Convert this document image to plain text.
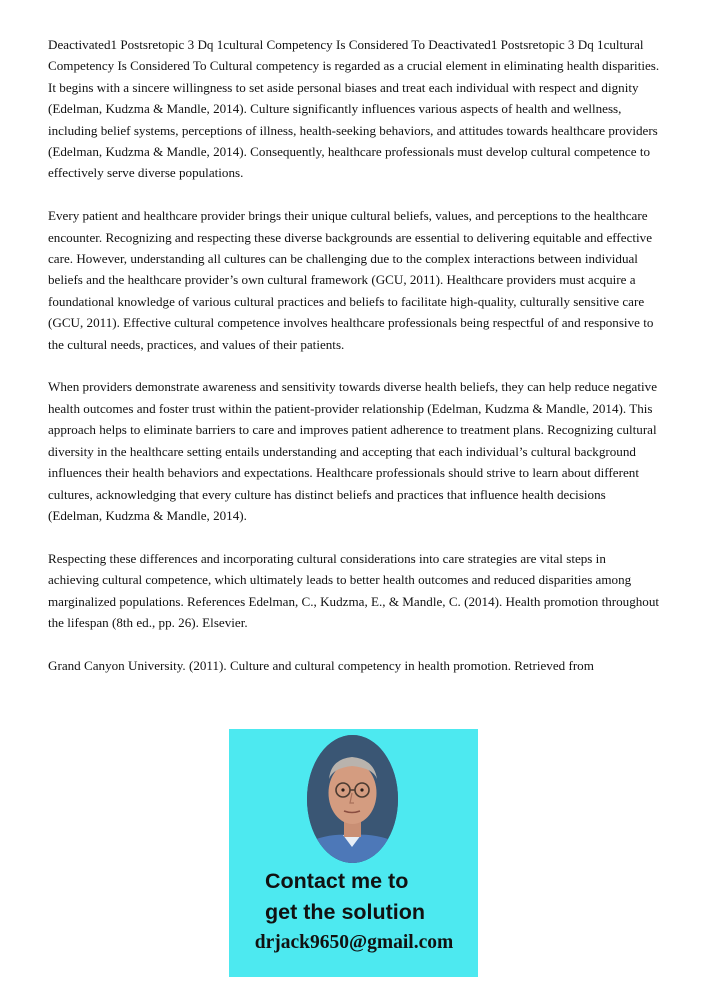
Deactivated1 Postsretopic 3 Dq 1cultural Competency Is Considered To Deactivated1 Postsretopic 3 Dq 1cultural Competency Is Considered To Cultural competency is regarded as a crucial element in eliminating health disparities. It begins with a sincere willingness to set aside personal biases and treat each individual with respect and dignity (Edelman, Kudzma & Mandle, 2014). Culture significantly influences various aspects of health and wellness, including belief systems, perceptions of illness, health-seeking behaviors, and attitudes towards healthcare providers (Edelman, Kudzma & Mandle, 2014). Consequently, healthcare professionals must develop cultural competence to effectively serve diverse populations.

Every patient and healthcare provider brings their unique cultural beliefs, values, and perceptions to the healthcare encounter. Recognizing and respecting these diverse backgrounds are essential to delivering equitable and effective care. However, understanding all cultures can be challenging due to the complex interactions between individual beliefs and the healthcare provider’s own cultural framework (GCU, 2011). Healthcare providers must acquire a foundational knowledge of various cultural practices and beliefs to facilitate high-quality, culturally sensitive care (GCU, 2011). Effective cultural competence involves healthcare professionals being respectful of and responsive to the cultural needs, practices, and values of their patients.

When providers demonstrate awareness and sensitivity towards diverse health beliefs, they can help reduce negative health outcomes and foster trust within the patient-provider relationship (Edelman, Kudzma & Mandle, 2014). This approach helps to eliminate barriers to care and improves patient adherence to treatment plans. Recognizing cultural diversity in the healthcare setting entails understanding and accepting that each individual’s cultural background influences their health behaviors and expectations. Healthcare professionals should strive to learn about different cultures, acknowledging that every culture has distinct beliefs and practices that influence health decisions (Edelman, Kudzma & Mandle, 2014).

Respecting these differences and incorporating cultural considerations into care strategies are vital steps in achieving cultural competence, which ultimately leads to better health outcomes and reduced disparities among marginalized populations. References Edelman, C., Kudzma, E., & Mandle, C. (2014). Health promotion throughout the lifespan (8th ed., pp. 26). Elsevier.

Grand Canyon University. (2011). Culture and cultural competency in health promotion. Retrieved from

Contact me to
get the solution
drjack9650@gmail.com
